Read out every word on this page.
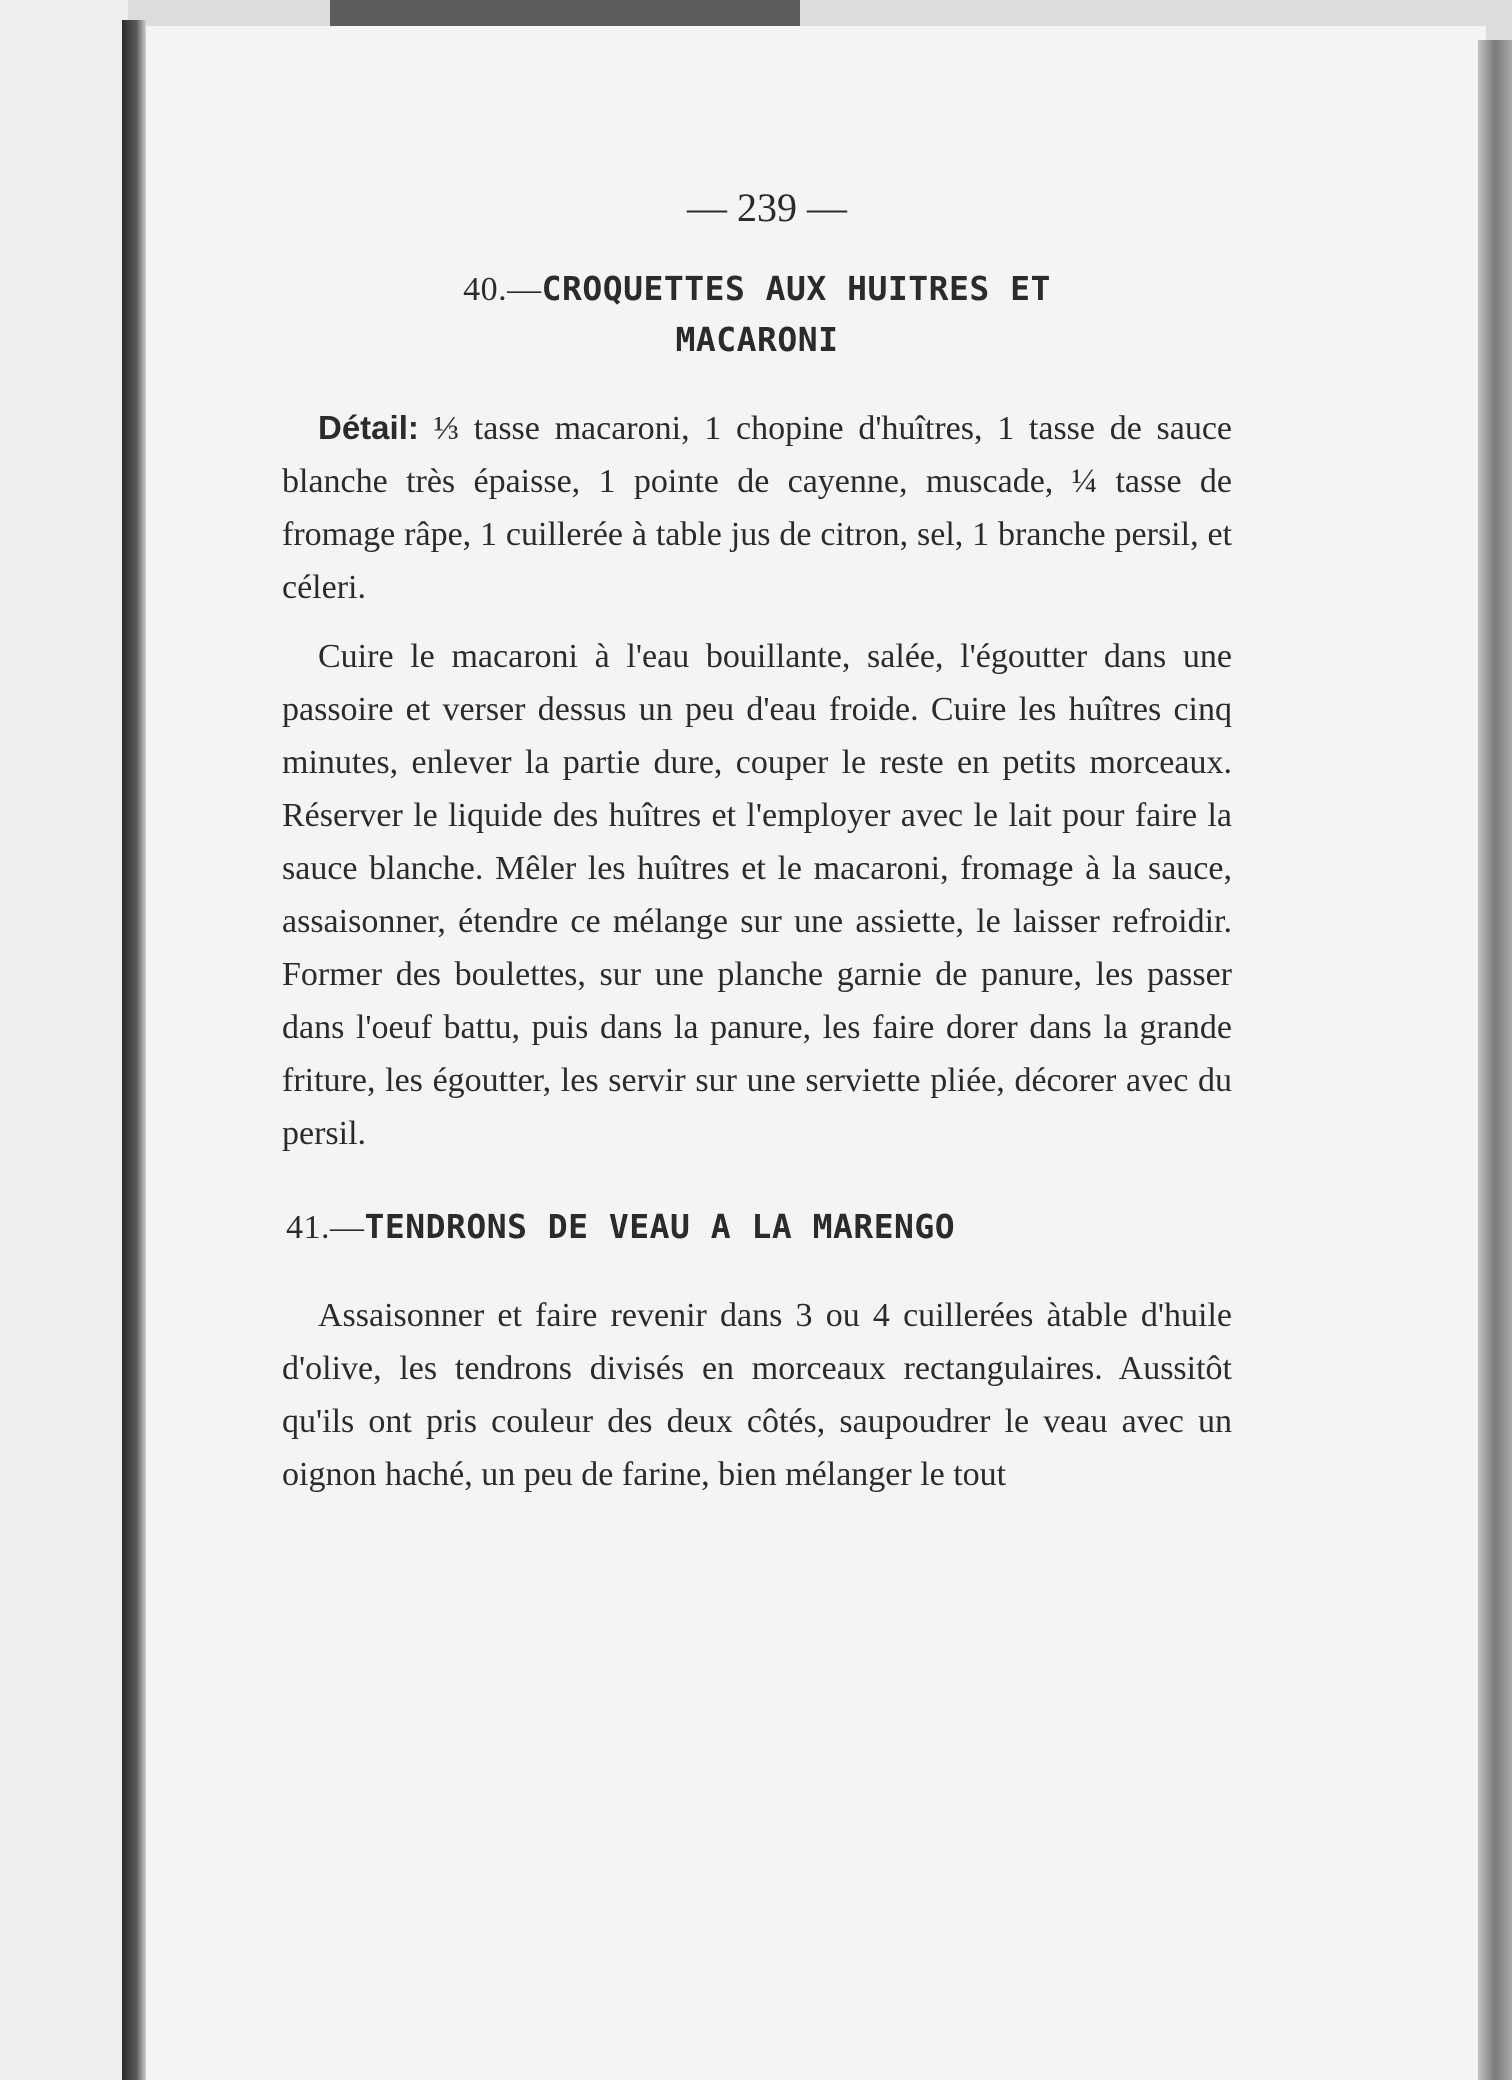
— 239 —
40.—CROQUETTES AUX HUITRES ET
MACARONI

Détail: ⅓ tasse macaroni, 1 chopine d'huîtres, 1 tasse de sauce blanche très épaisse, 1 pointe de cayenne, muscade, ¼ tasse de fromage râpe, 1 cuillerée à table jus de citron, sel, 1 branche persil, et céleri.

Cuire le macaroni à l'eau bouillante, salée, l'égoutter dans une passoire et verser dessus un peu d'eau froide. Cuire les huîtres cinq minutes, enlever la partie dure, couper le reste en petits morceaux. Réserver le liquide des huîtres et l'employer avec le lait pour faire la sauce blanche. Mêler les huîtres et le macaroni, fromage à la sauce, assaisonner, étendre ce mélange sur une assiette, le laisser refroidir. Former des boulettes, sur une planche garnie de panure, les passer dans l'oeuf battu, puis dans la panure, les faire dorer dans la grande friture, les égoutter, les servir sur une serviette pliée, décorer avec du persil.

41.—TENDRONS DE VEAU A LA MARENGO

Assaisonner et faire revenir dans 3 ou 4 cuillerées àtable d'huile d'olive, les tendrons divisés en morceaux rectangulaires. Aussitôt qu'ils ont pris couleur des deux côtés, saupoudrer le veau avec un oignon haché, un peu de farine, bien mélanger le tout
